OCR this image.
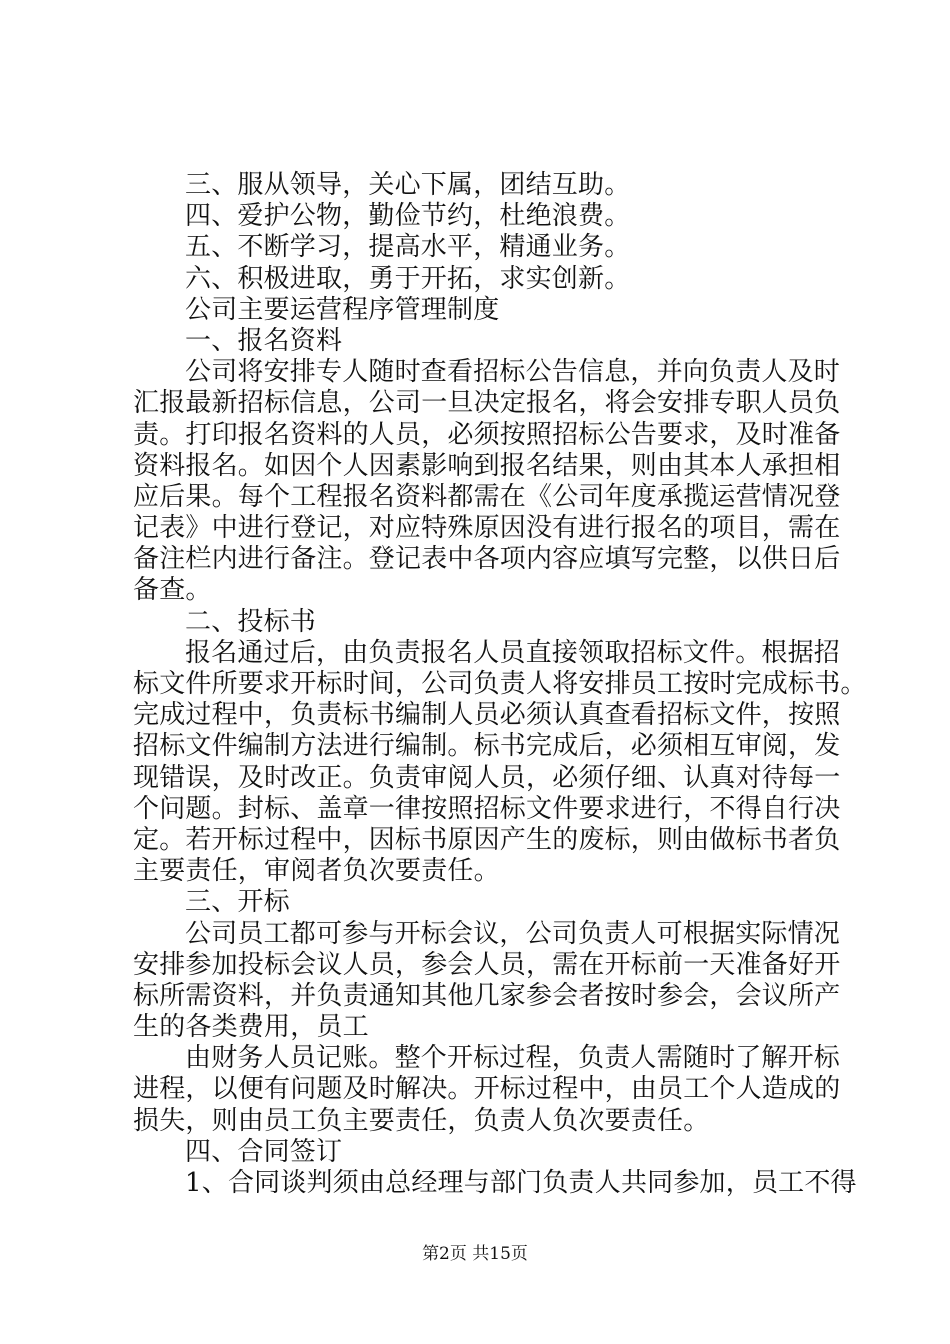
三、服从领导，关心下属，团结互助。
四、爱护公物，勤俭节约，杜绝浪费。
五、不断学习，提高水平，精通业务。
六、积极进取，勇于开拓，求实创新。
公司主要运营程序管理制度
一、报名资料
公司将安排专人随时查看招标公告信息，并向负责人及时
汇报最新招标信息，公司一旦决定报名，将会安排专职人员负
责。打印报名资料的人员，必须按照招标公告要求，及时准备
资料报名。如因个人因素影响到报名结果，则由其本人承担相
应后果。每个工程报名资料都需在《公司年度承揽运营情况登
记表》中进行登记，对应特殊原因没有进行报名的项目，需在
备注栏内进行备注。登记表中各项内容应填写完整，以供日后
备查。
二、投标书
报名通过后，由负责报名人员直接领取招标文件。根据招
标文件所要求开标时间，公司负责人将安排员工按时完成标书。
完成过程中，负责标书编制人员必须认真查看招标文件，按照
招标文件编制方法进行编制。标书完成后，必须相互审阅，发
现错误，及时改正。负责审阅人员，必须仔细、认真对待每一
个问题。封标、盖章一律按照招标文件要求进行，不得自行决
定。若开标过程中，因标书原因产生的废标，则由做标书者负
主要责任，审阅者负次要责任。
三、开标
公司员工都可参与开标会议，公司负责人可根据实际情况
安排参加投标会议人员，参会人员，需在开标前一天准备好开
标所需资料，并负责通知其他几家参会者按时参会，会议所产
生的各类费用，员工
由财务人员记账。整个开标过程，负责人需随时了解开标
进程，以便有问题及时解决。开标过程中，由员工个人造成的
损失，则由员工负主要责任，负责人负次要责任。
四、合同签订
1、合同谈判须由总经理与部门负责人共同参加，员工不得
第2页 共15页
